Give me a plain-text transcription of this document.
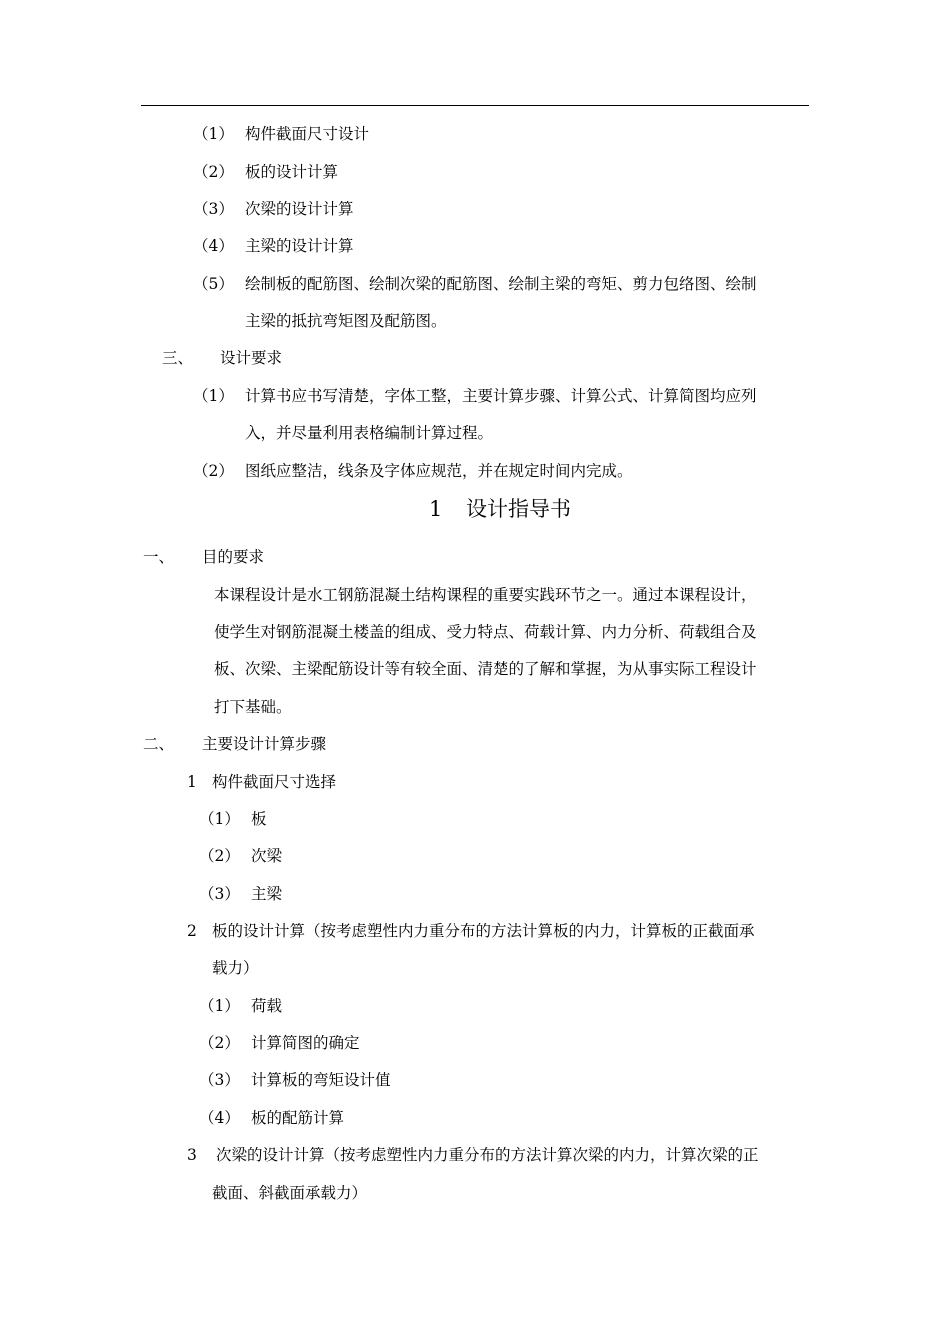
（1） 构件截面尺寸设计
（2） 板的设计计算
（3） 次梁的设计计算
（4） 主梁的设计计算
（5） 绘制板的配筋图、绘制次梁的配筋图、绘制主梁的弯矩、剪力包络图、绘制
主梁的抵抗弯矩图及配筋图。
三、 设计要求
（1） 计算书应书写清楚，字体工整，主要计算步骤、计算公式、计算简图均应列
入，并尽量利用表格编制计算过程。
（2） 图纸应整洁，线条及字体应规范，并在规定时间内完成。
1 设计指导书
一、 目的要求
本课程设计是水工钢筋混凝土结构课程的重要实践环节之一。通过本课程设计，
使学生对钢筋混凝土楼盖的组成、受力特点、荷载计算、内力分析、荷载组合及
板、次梁、主梁配筋设计等有较全面、清楚的了解和掌握，为从事实际工程设计
打下基础。
二、 主要设计计算步骤
1 构件截面尺寸选择
（1） 板
（2） 次梁
（3） 主梁
2 板的设计计算（按考虑塑性内力重分布的方法计算板的内力，计算板的正截面承
载力）
（1） 荷载
（2） 计算简图的确定
（3） 计算板的弯矩设计值
（4） 板的配筋计算
3 次梁的设计计算（按考虑塑性内力重分布的方法计算次梁的内力，计算次梁的正
截面、斜截面承载力）
